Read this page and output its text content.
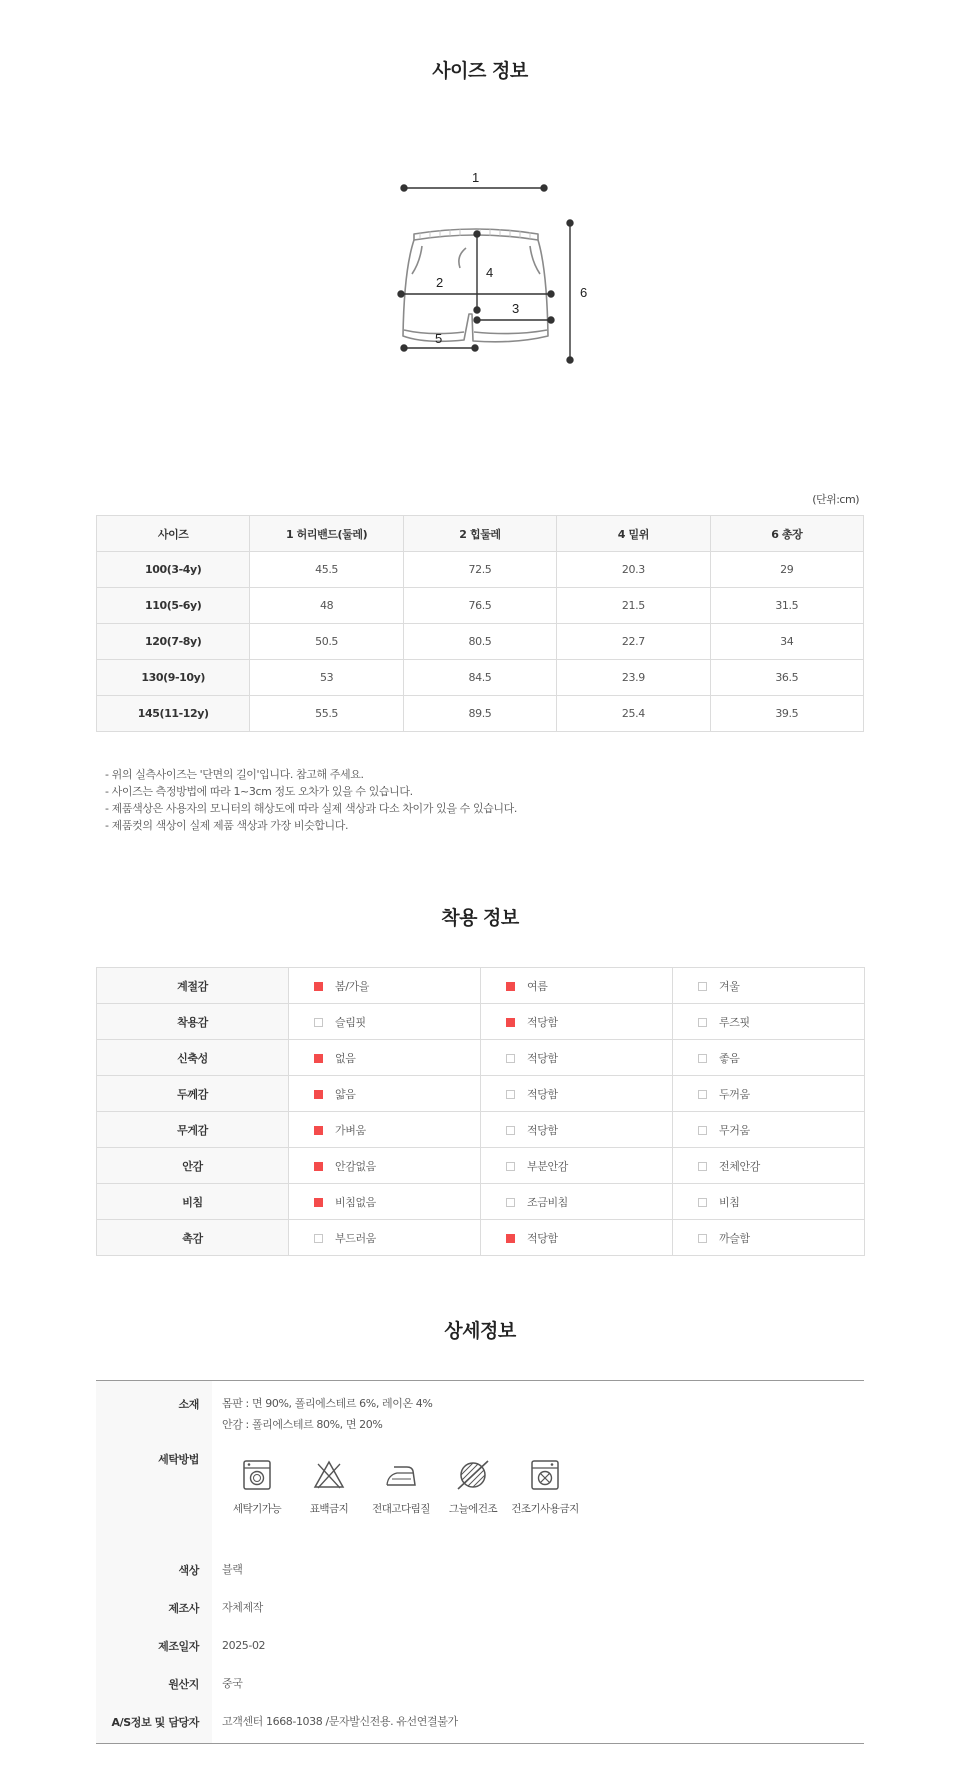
사이즈 정보
1
2
3
4
5
6
(단위:cm)
사이즈	1 허리밴드(둘레)	2 힙둘레	4 밑위	6 총장
100(3-4y)	45.5	72.5	20.3	29
110(5-6y)	48	76.5	21.5	31.5
120(7-8y)	50.5	80.5	22.7	34
130(9-10y)	53	84.5	23.9	36.5
145(11-12y)	55.5	89.5	25.4	39.5
- 위의 실측사이즈는 '단면의 길이'입니다. 참고해 주세요.
- 사이즈는 측정방법에 따라 1~3cm 정도 오차가 있을 수 있습니다.
- 제품색상은 사용자의 모니터의 해상도에 따라 실제 색상과 다소 차이가 있을 수 있습니다.
- 제품컷의 색상이 실제 제품 색상과 가장 비슷합니다.
착용 정보
계절감	봄/가을	여름	겨울
착용감	슬림핏	적당함	루즈핏
신축성	없음	적당함	좋음
두께감	얇음	적당함	두꺼움
무게감	가벼움	적당함	무거움
안감	안감없음	부분안감	전체안감
비침	비침없음	조금비침	비침
촉감	부드러움	적당함	까슬함
상세정보
소재 몸판 : 면 90%, 폴리에스테르 6%, 레이온 4%
안감 : 폴리에스테르 80%, 면 20%
세탁방법
세탁기가능	표백금지	전대고다림질	그늘에건조	건조기사용금지
색상 블랙
제조사 자체제작
제조일자 2025-02
원산지 중국
A/S정보 및 담당자 고객센터 1668-1038 /문자발신전용. 유선연결불가
